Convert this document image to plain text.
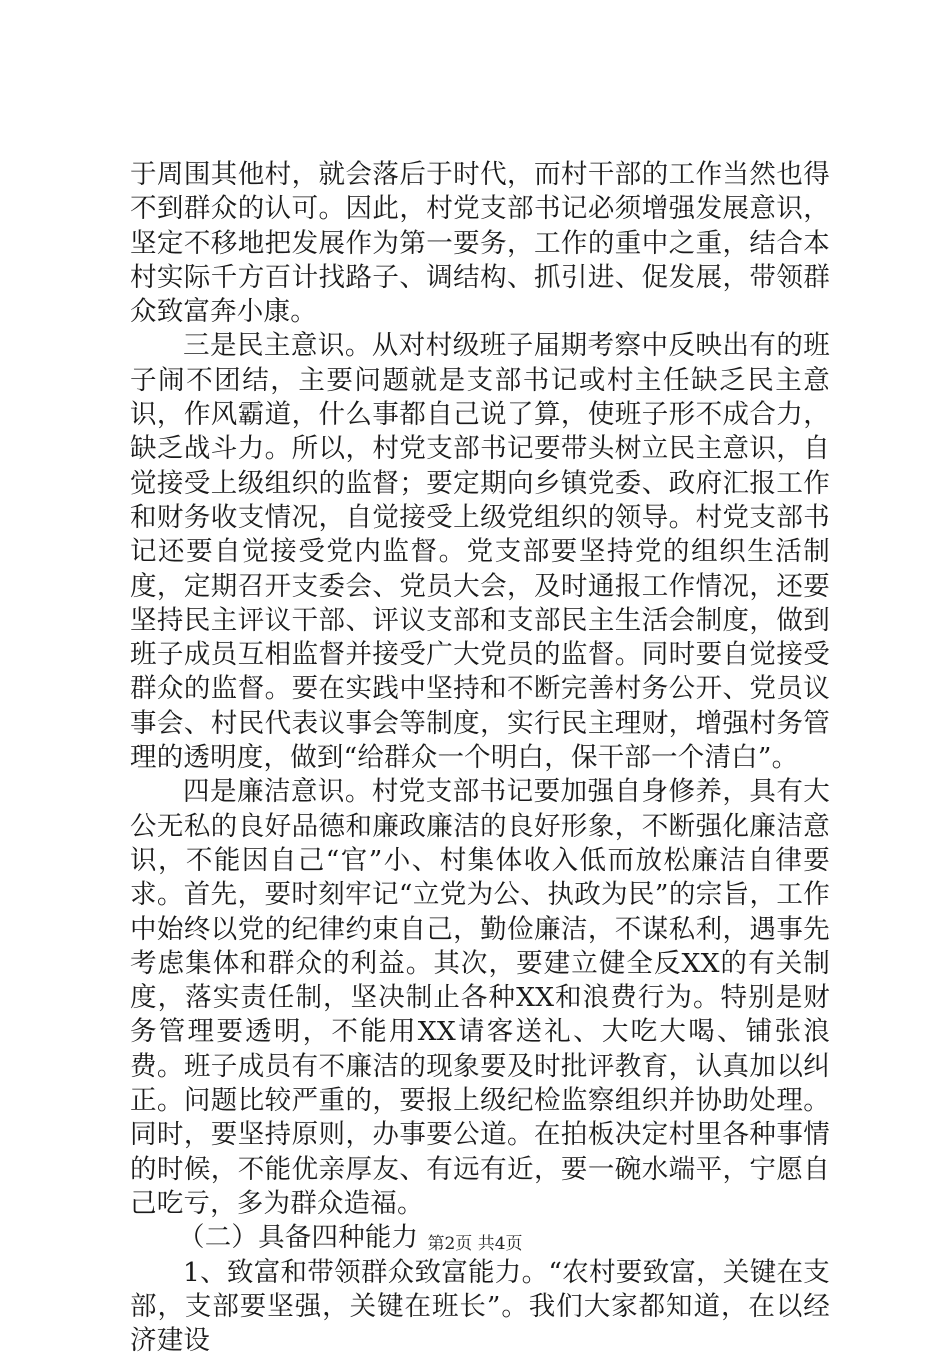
于周围其他村，就会落后于时代，而村干部的工作当然也得不到群众的认可。因此，村党支部书记必须增强发展意识，坚定不移地把发展作为第一要务，工作的重中之重，结合本村实际千方百计找路子、调结构、抓引进、促发展，带领群众致富奔小康。

三是民主意识。从对村级班子届期考察中反映出有的班子闹不团结，主要问题就是支部书记或村主任缺乏民主意识，作风霸道，什么事都自己说了算，使班子形不成合力，缺乏战斗力。所以，村党支部书记要带头树立民主意识，自觉接受上级组织的监督；要定期向乡镇党委、政府汇报工作和财务收支情况，自觉接受上级党组织的领导。村党支部书记还要自觉接受党内监督。党支部要坚持党的组织生活制度，定期召开支委会、党员大会，及时通报工作情况，还要坚持民主评议干部、评议支部和支部民主生活会制度，做到班子成员互相监督并接受广大党员的监督。同时要自觉接受群众的监督。要在实践中坚持和不断完善村务公开、党员议事会、村民代表议事会等制度，实行民主理财，增强村务管理的透明度，做到“给群众一个明白，保干部一个清白”。

四是廉洁意识。村党支部书记要加强自身修养，具有大公无私的良好品德和廉政廉洁的良好形象，不断强化廉洁意识，不能因自己“官”小、村集体收入低而放松廉洁自律要求。首先，要时刻牢记“立党为公、执政为民”的宗旨，工作中始终以党的纪律约束自己，勤俭廉洁，不谋私利，遇事先考虑集体和群众的利益。其次，要建立健全反XX的有关制度，落实责任制，坚决制止各种XX和浪费行为。特别是财务管理要透明，不能用XX请客送礼、大吃大喝、铺张浪费。班子成员有不廉洁的现象要及时批评教育，认真加以纠正。问题比较严重的，要报上级纪检监察组织并协助处理。同时，要坚持原则，办事要公道。在拍板决定村里各种事情的时候，不能优亲厚友、有远有近，要一碗水端平，宁愿自己吃亏，多为群众造福。

（二）具备四种能力

1、致富和带领群众致富能力。“农村要致富，关键在支部，支部要坚强，关键在班长”。我们大家都知道，在以经济建设

第2页 共4页
